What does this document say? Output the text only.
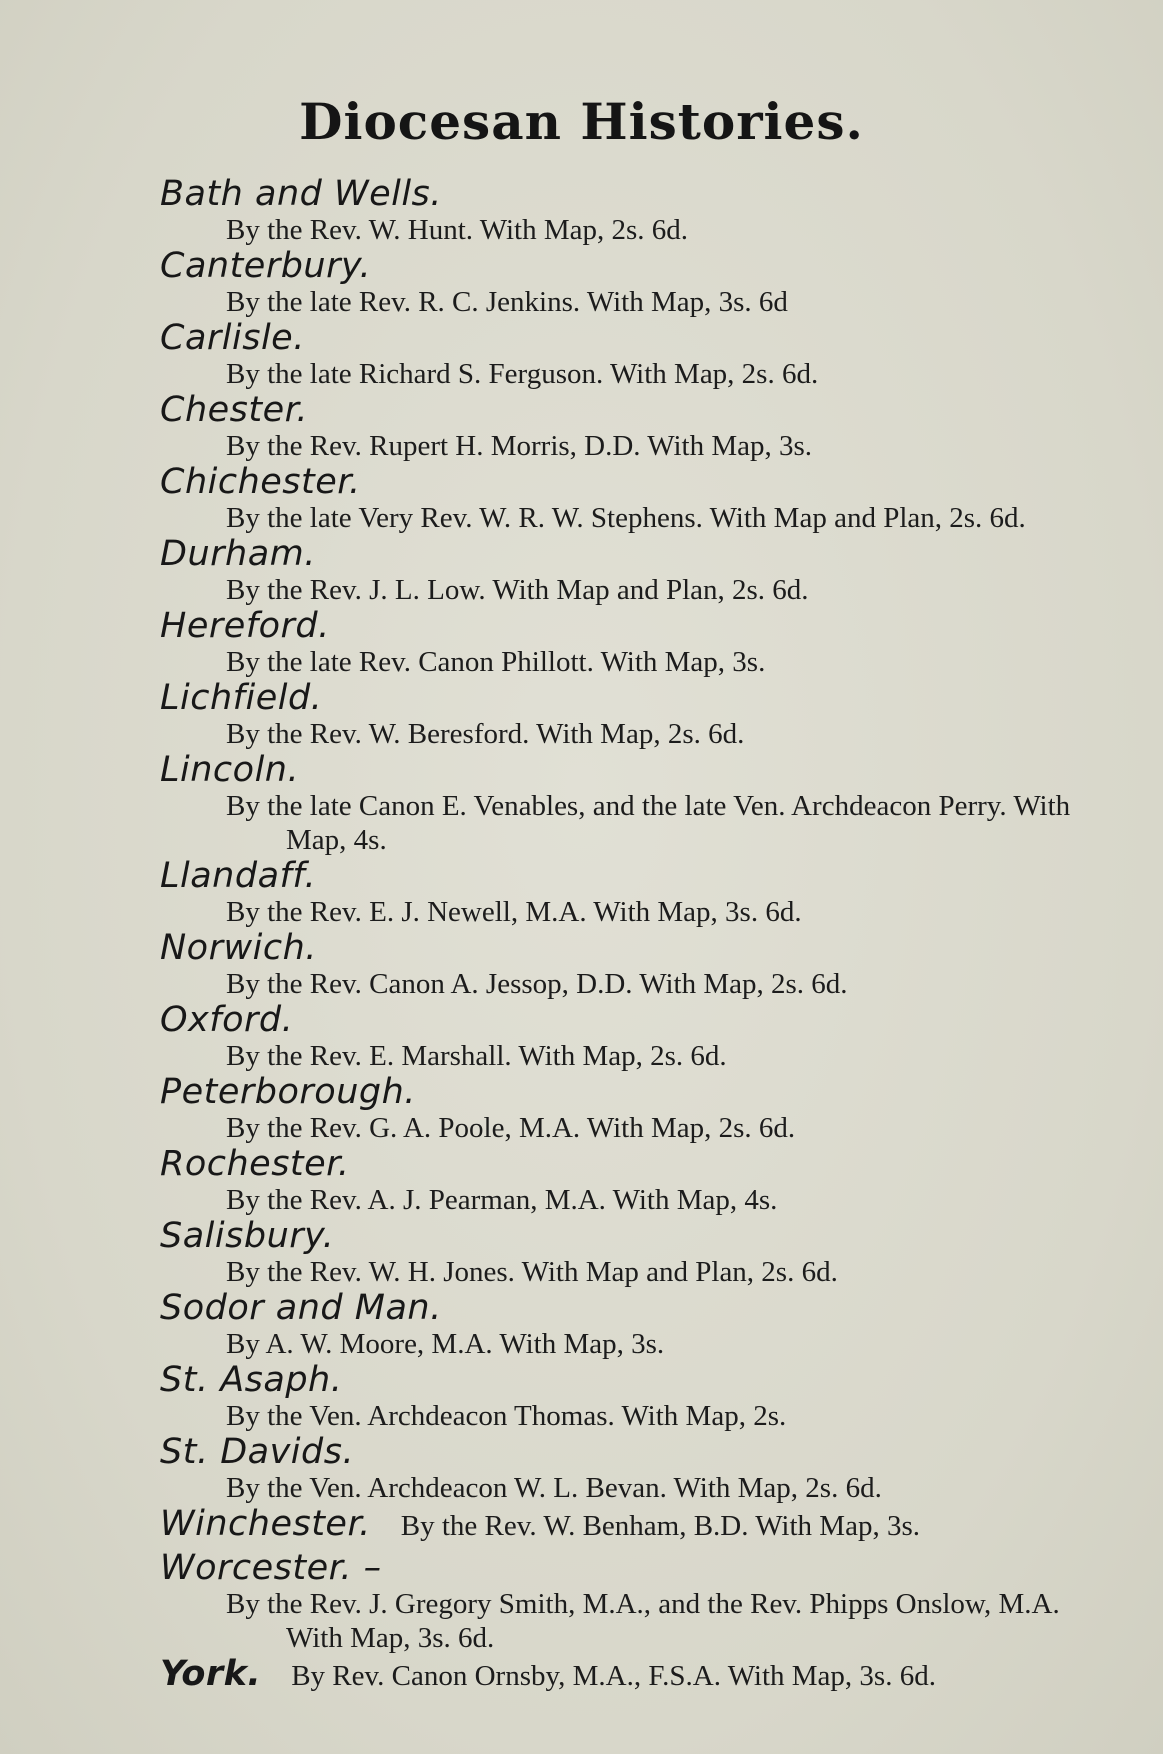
Diocesan Histories.
Bath and Wells.
By the Rev. W. Hunt. With Map, 2s. 6d.
Canterbury.
By the late Rev. R. C. Jenkins. With Map, 3s. 6d
Carlisle.
By the late Richard S. Ferguson. With Map, 2s. 6d.
Chester.
By the Rev. Rupert H. Morris, D.D. With Map, 3s.
Chichester.
By the late Very Rev. W. R. W. Stephens. With Map and Plan, 2s. 6d.
Durham.
By the Rev. J. L. Low. With Map and Plan, 2s. 6d.
Hereford.
By the late Rev. Canon Phillott. With Map, 3s.
Lichfield.
By the Rev. W. Beresford. With Map, 2s. 6d.
Lincoln.
By the late Canon E. Venables, and the late Ven. Archdeacon Perry. With Map, 4s.
Llandaff.
By the Rev. E. J. Newell, M.A. With Map, 3s. 6d.
Norwich.
By the Rev. Canon A. Jessop, D.D. With Map, 2s. 6d.
Oxford.
By the Rev. E. Marshall. With Map, 2s. 6d.
Peterborough.
By the Rev. G. A. Poole, M.A. With Map, 2s. 6d.
Rochester.
By the Rev. A. J. Pearman, M.A. With Map, 4s.
Salisbury.
By the Rev. W. H. Jones. With Map and Plan, 2s. 6d.
Sodor and Man.
By A. W. Moore, M.A. With Map, 3s.
St. Asaph.
By the Ven. Archdeacon Thomas. With Map, 2s.
St. Davids.
By the Ven. Archdeacon W. L. Bevan. With Map, 2s. 6d.
Winchester. By the Rev. W. Benham, B.D. With Map, 3s.
Worcester. –
By the Rev. J. Gregory Smith, M.A., and the Rev. Phipps Onslow, M.A. With Map, 3s. 6d.
York. By Rev. Canon Ornsby, M.A., F.S.A. With Map, 3s. 6d.
